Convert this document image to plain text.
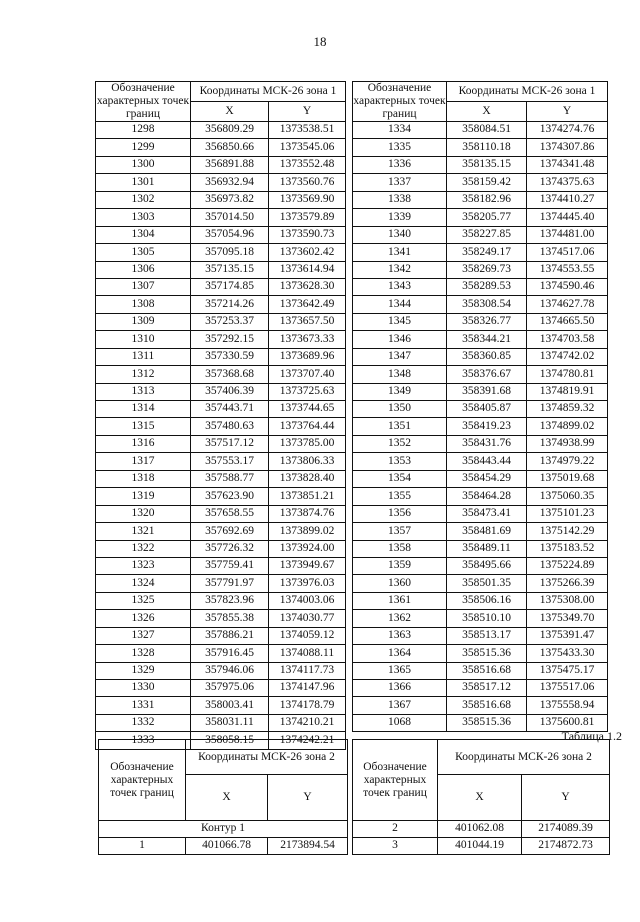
18
Обозначение характерных точек границ	Координаты МСК-26 зона 1	
	X	Y
1298	356809.29	1373538.51
1299	356850.66	1373545.06
1300	356891.88	1373552.48
1301	356932.94	1373560.76
1302	356973.82	1373569.90
1303	357014.50	1373579.89
1304	357054.96	1373590.73
1305	357095.18	1373602.42
1306	357135.15	1373614.94
1307	357174.85	1373628.30
1308	357214.26	1373642.49
1309	357253.37	1373657.50
1310	357292.15	1373673.33
1311	357330.59	1373689.96
1312	357368.68	1373707.40
1313	357406.39	1373725.63
1314	357443.71	1373744.65
1315	357480.63	1373764.44
1316	357517.12	1373785.00
1317	357553.17	1373806.33
1318	357588.77	1373828.40
1319	357623.90	1373851.21
1320	357658.55	1373874.76
1321	357692.69	1373899.02
1322	357726.32	1373924.00
1323	357759.41	1373949.67
1324	357791.97	1373976.03
1325	357823.96	1374003.06
1326	357855.38	1374030.77
1327	357886.21	1374059.12
1328	357916.45	1374088.11
1329	357946.06	1374117.73
1330	357975.06	1374147.96
1331	358003.41	1374178.79
1332	358031.11	1374210.21
1333	358058.15	1374242.21
Обозначение характерных точек границ	Координаты МСК-26 зона 1	
	X	Y
1334	358084.51	1374274.76
1335	358110.18	1374307.86
1336	358135.15	1374341.48
1337	358159.42	1374375.63
1338	358182.96	1374410.27
1339	358205.77	1374445.40
1340	358227.85	1374481.00
1341	358249.17	1374517.06
1342	358269.73	1374553.55
1343	358289.53	1374590.46
1344	358308.54	1374627.78
1345	358326.77	1374665.50
1346	358344.21	1374703.58
1347	358360.85	1374742.02
1348	358376.67	1374780.81
1349	358391.68	1374819.91
1350	358405.87	1374859.32
1351	358419.23	1374899.02
1352	358431.76	1374938.99
1353	358443.44	1374979.22
1354	358454.29	1375019.68
1355	358464.28	1375060.35
1356	358473.41	1375101.23
1357	358481.69	1375142.29
1358	358489.11	1375183.52
1359	358495.66	1375224.89
1360	358501.35	1375266.39
1361	358506.16	1375308.00
1362	358510.10	1375349.70
1363	358513.17	1375391.47
1364	358515.36	1375433.30
1365	358516.68	1375475.17
1366	358517.12	1375517.06
1367	358516.68	1375558.94
1068	358515.36	1375600.81
Таблица 1.2
Обозначение характерных точек границ	Координаты МСК-26 зона 2	
	X	Y
Контур 1		
1	401066.78	2173894.54
Обозначение характерных точек границ	Координаты МСК-26 зона 2	
	X	Y
2	401062.08	2174089.39
3	401044.19	2174872.73
